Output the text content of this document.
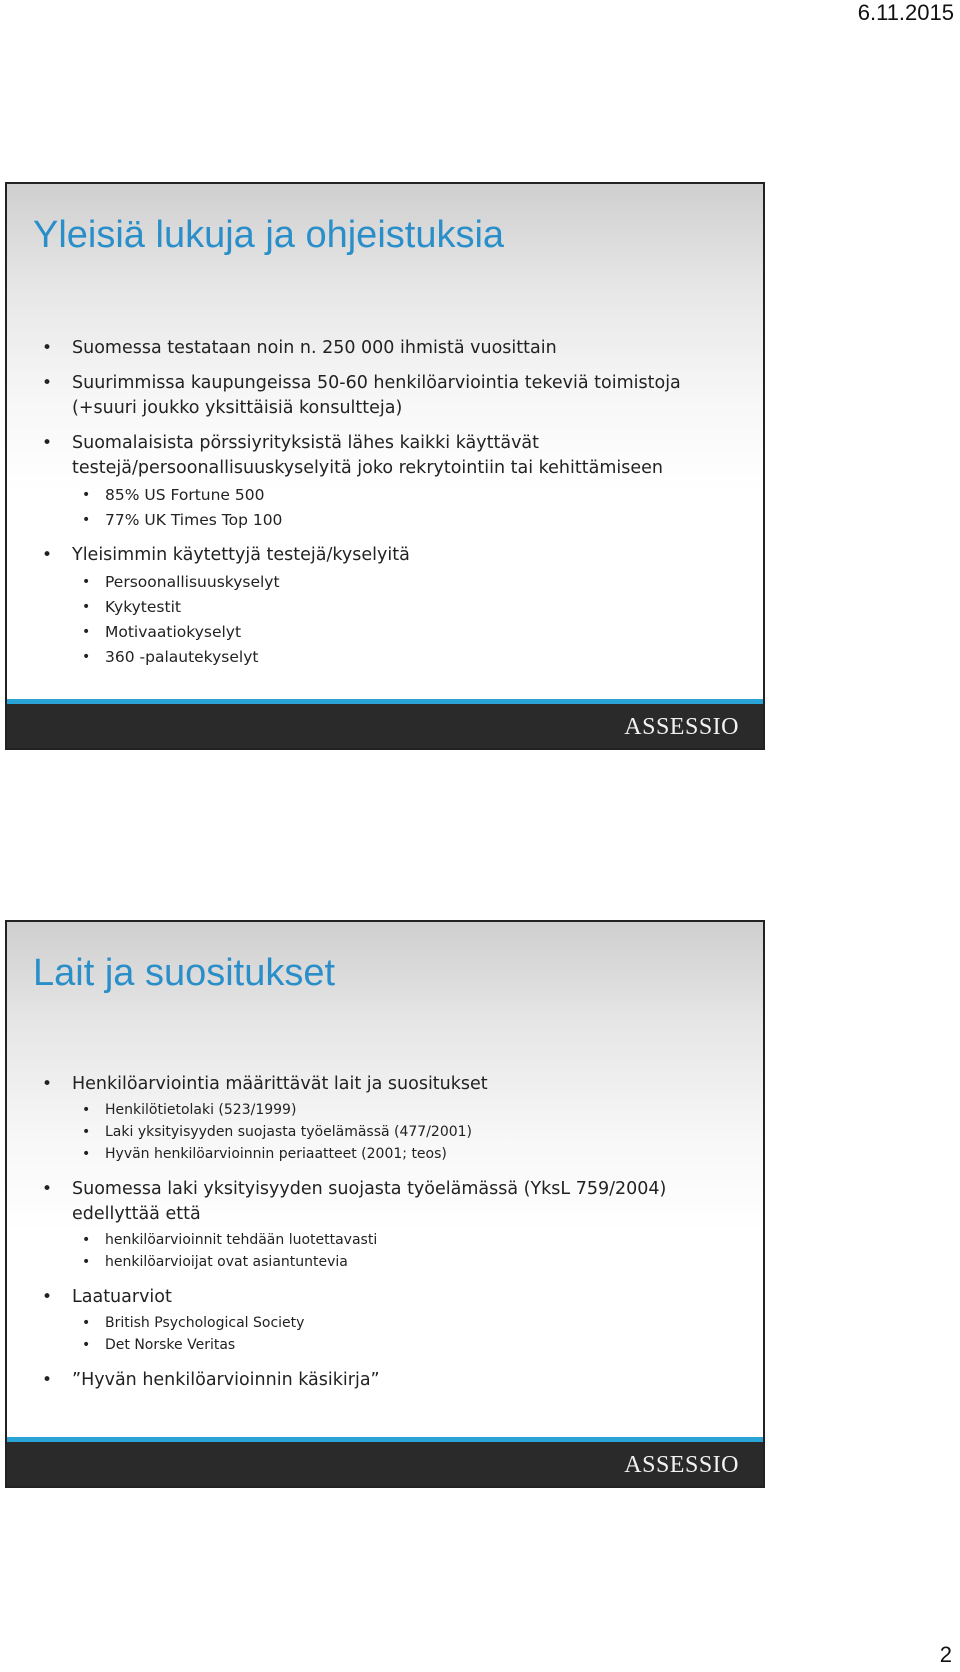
6.11.2015
Yleisiä lukuja ja ohjeistuksia
• Suomessa testataan noin n. 250 000 ihmistä vuosittain
• Suurimmissa kaupungeissa 50-60 henkilöarviointia tekeviä toimistoja (+suuri joukko yksittäisiä konsultteja)
• Suomalaisista pörssiyrityksistä lähes kaikki käyttävät testejä/persoonallisuuskyselyitä joko rekrytointiin tai kehittämiseen
• 85% US Fortune 500
• 77% UK Times Top 100
• Yleisimmin käytettyjä testejä/kyselyitä
• Persoonallisuuskyselyt
• Kykytestit
• Motivaatiokyselyt
• 360 -palautekyselyt
ASSESSIO
Lait ja suositukset
• Henkilöarviointia määrittävät lait ja suositukset
• Henkilötietolaki (523/1999)
• Laki yksityisyyden suojasta työelämässä (477/2001)
• Hyvän henkilöarvioinnin periaatteet (2001; teos)
• Suomessa laki yksityisyyden suojasta työelämässä (YksL 759/2004) edellyttää että
• henkilöarvioinnit tehdään luotettavasti
• henkilöarvioijat ovat asiantuntevia
• Laatuarviot
• British Psychological Society
• Det Norske Veritas
• ”Hyvän henkilöarvioinnin käsikirja”
ASSESSIO
2
